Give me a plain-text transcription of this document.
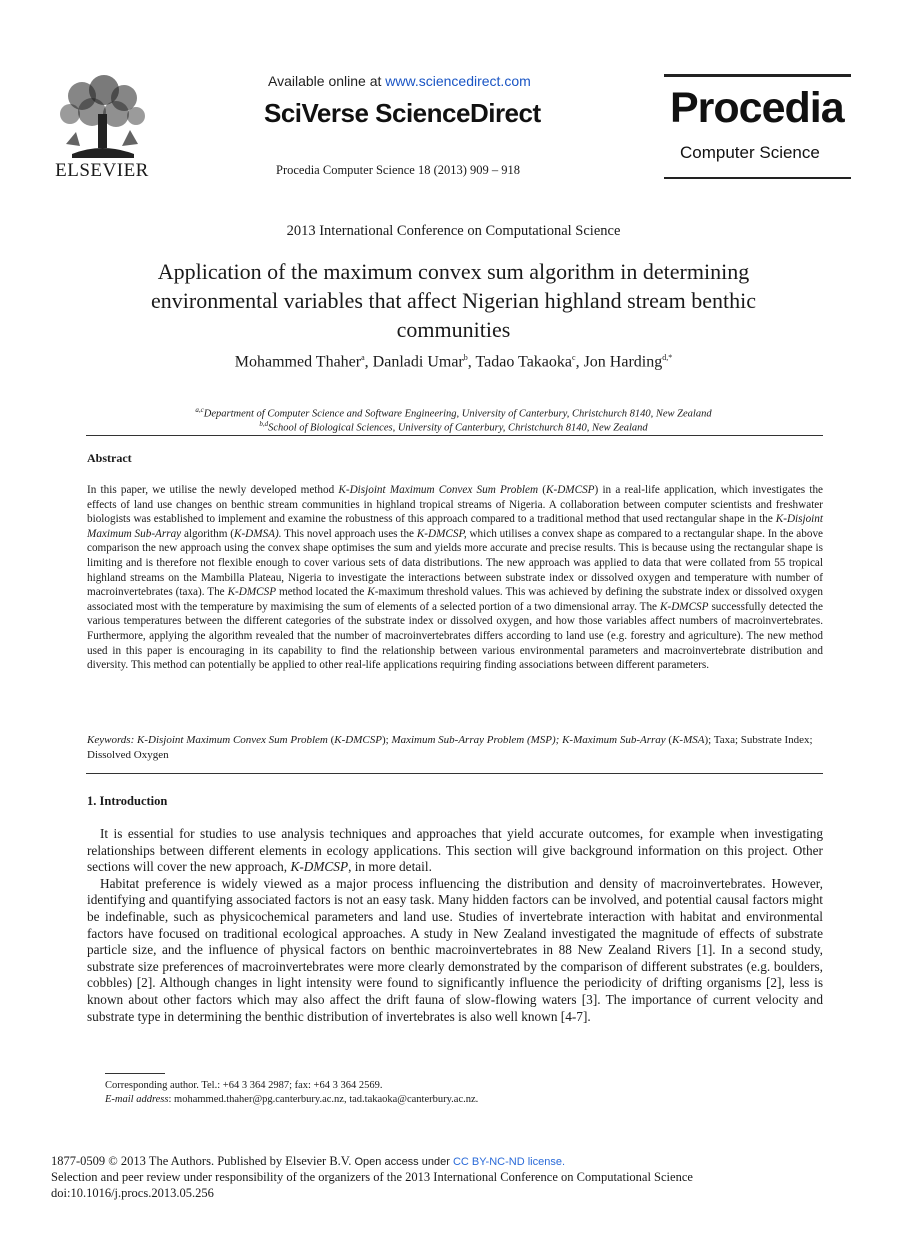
ELSEVIER
Available online at www.sciencedirect.com
SciVerse ScienceDirect
Procedia Computer Science 18 (2013) 909 – 918
Procedia
Computer Science
2013 International Conference on Computational Science
Application of the maximum convex sum algorithm in determining environmental variables that affect Nigerian highland stream benthic communities
Mohammed Thaher$^a$, Danladi Umar$^b$, Tadao Takaoka$^c$, Jon Harding$^{d,*}$
$^{a,c}$Department of Computer Science and Software Engineering, University of Canterbury, Christchurch 8140, New Zealand
$^{b,d}$School of Biological Sciences, University of Canterbury, Christchurch 8140, New Zealand
Abstract
In this paper, we utilise the newly developed method K-Disjoint Maximum Convex Sum Problem (K-DMCSP) in a real-life application, which investigates the effects of land use changes on benthic stream communities in highland tropical streams of Nigeria. A collaboration between computer scientists and freshwater biologists was established to implement and examine the robustness of this approach compared to a traditional method that used rectangular shape in the K-Disjoint Maximum Sub-Array algorithm (K-DMSA). This novel approach uses the K-DMCSP, which utilises a convex shape as compared to a rectangular shape. In the above comparison the new approach using the convex shape optimises the sum and yields more accurate and precise results. This is because using the rectangular shape is limiting and is therefore not flexible enough to cover various sets of data distributions. The new approach was applied to data that were collated from 55 tropical highland streams on the Mambilla Plateau, Nigeria to investigate the interactions between substrate index or dissolved oxygen and temperature with number of macroinvertebrates (taxa). The K-DMCSP method located the K-maximum threshold values. This was achieved by defining the substrate index or dissolved oxygen associated most with the temperature by maximising the sum of elements of a selected portion of a two dimensional array. The K-DMCSP successfully detected the various temperatures between the different categories of the substrate index or dissolved oxygen, and how those variables affect numbers of macroinvertebrates. Furthermore, applying the algorithm revealed that the number of macroinvertebrates differs according to land use (e.g. forestry and agriculture). The new method used in this paper is encouraging in its capability to find the relationship between various environmental parameters and macroinvertebrate distribution and diversity. This method can potentially be applied to other real-life applications requiring finding associations between different parameters.
Keywords: K-Disjoint Maximum Convex Sum Problem (K-DMCSP); Maximum Sub-Array Problem (MSP); K-Maximum Sub-Array (K-MSA); Taxa; Substrate Index; Dissolved Oxygen
1. Introduction

It is essential for studies to use analysis techniques and approaches that yield accurate outcomes, for example when investigating relationships between different elements in ecology applications. This section will give background information on this project. Other sections will cover the new approach, K-DMCSP, in more detail.

Habitat preference is widely viewed as a major process influencing the distribution and density of macroinvertebrates. However, identifying and quantifying associated factors is not an easy task. Many hidden factors can be involved, and potential causal factors might be indefinable, such as physicochemical parameters and land use. Studies of invertebrate interaction with habitat and environmental factors have focused on traditional ecological approaches. A study in New Zealand investigated the magnitude of effects of substrate particle size, and the influence of physical factors on benthic macroinvertebrates in 88 New Zealand Rivers [1]. In a second study, substrate size preferences of macroinvertebrates were more clearly demonstrated by the comparison of different substrates (e.g. boulders, cobbles) [2]. Although changes in light intensity were found to significantly influence the periodicity of drifting organisms [2], less is known about other factors which may also affect the drift fauna of slow-flowing waters [3]. The importance of current velocity and substrate type in determining the benthic distribution of invertebrates is also well known [4-7].

Corresponding author. Tel.: +64 3 364 2987; fax: +64 3 364 2569.
E-mail address: mohammed.thaher@pg.canterbury.ac.nz, tad.takaoka@canterbury.ac.nz.
1877-0509 © 2013 The Authors. Published by Elsevier B.V. Open access under CC BY-NC-ND license.
Selection and peer review under responsibility of the organizers of the 2013 International Conference on Computational Science
doi:10.1016/j.procs.2013.05.256
